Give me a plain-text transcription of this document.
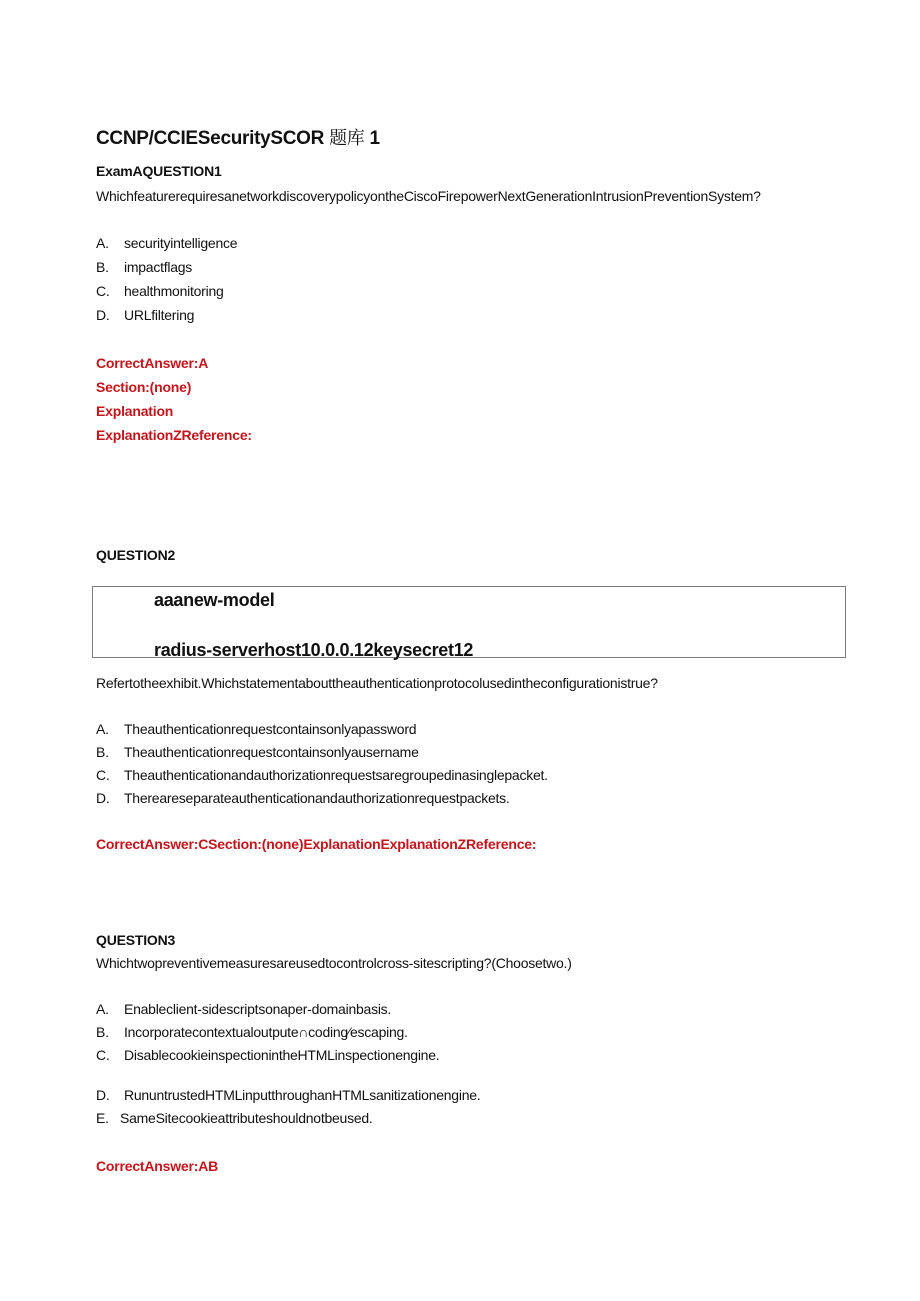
CCNP/CCIESecuritySCOR 题库 1
ExamAQUESTION1
WhichfeaturerequiresanetworkdiscoverypolicyontheCiscoFirepowerNextGenerationIntrusionPreventionSystem?
A. securityintelligence
B. impactflags
C. healthmonitoring
D. URLfiltering
CorrectAnswer:A
Section:(none)
Explanation
ExplanationZReference:
QUESTION2
aaanew-model
radius-serverhost10.0.0.12keysecret12
Refertotheexhibit.Whichstatementabouttheauthenticationprotocolusedintheconfigurationistrue?
A. Theauthenticationrequestcontainsonlyapassword
B. Theauthenticationrequestcontainsonlyausername
C. Theauthenticationandauthorizationrequestsaregroupedinasinglepacket.
D. Thereareseparateauthenticationandauthorizationrequestpackets.
CorrectAnswer:CSection:(none)ExplanationExplanationZReference:
QUESTION3
Whichtwopreventivemeasuresareusedtocontrolcross-sitescripting?(Choosetwo.)
A. Enableclient-sidescriptsonaper-domainbasis.
B. Incorporatecontextualoutpute∩coding⁄escaping.
C. DisablecookieinspectionintheHTMLinspectionengine.
D. RununtrustedHTMLinputthroughanHTMLsanitizationengine.
E. SameSitecookieattributeshouldnotbeused.
CorrectAnswer:AB
